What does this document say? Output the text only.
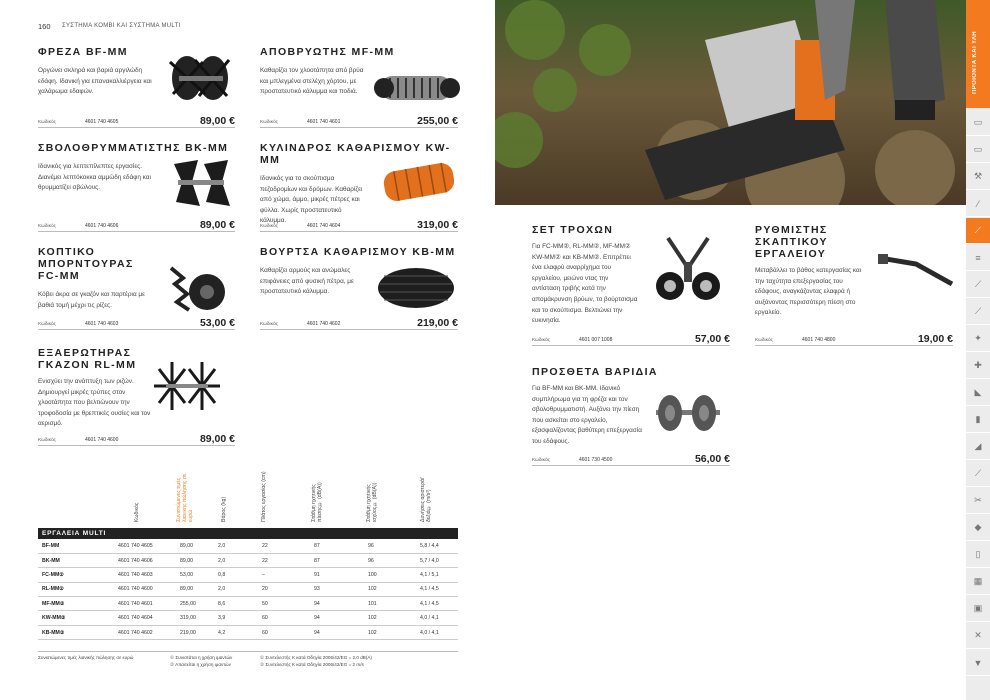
160 ΣΥΣΤΗΜΑ ΚΟΜΒΙ ΚΑΙ ΣΥΣΤΗΜΑ MULTI
ΦΡΕΖΑ BF-MM
Οργώνει σκληρά και βαριά αργιλώδη εδάφη. Ιδανική για επανακαλλιέργεια και χαλάρωμα εδαφών.
Κωδικός	4601 740 4605	89,00 €
ΣΒΟΛΟΘΡΥΜΜΑΤΙΣΤΗΣ BK-MM
Ιδανικός για λεπτεπίλεπτες εργασίες. Διανέμει λεπτόκοκκα αμμώδη εδάφη και θρυμματίζει σβώλους.
Κωδικός	4601 740 4606	89,00 €
ΚΟΠΤΙΚΟ ΜΠΟΡΝΤΟΥΡΑΣ FC-MM
Κόβει άκρα σε γκαζόν και παρτέρια με βαθιά τομή μέχρι τις ρίζες.
Κωδικός	4601 740 4603	53,00 €
ΕΞΑΕΡΩΤΗΡΑΣ ΓΚΑΖΟΝ RL-MM
Ενισχύει την ανάπτυξη των ριζών. Δημιουργεί μικρές τρύπες στον χλοοτάπητα που βελτιώνουν την τροφοδοσία με θρεπτικές ουσίες και τον αερισμό.
Κωδικός	4601 740 4600	89,00 €
ΑΠΟΒΡΥΩΤΗΣ MF-MM
Καθαρίζει τον χλοοτάπητα από βρύα και μπλεγμένα στελέχη χόρτου, με προστατευτικό κάλυμμα και ποδιά.
Κωδικός	4601 740 4601	255,00 €
ΚΥΛΙΝΔΡΟΣ ΚΑΘΑΡΙΣΜΟΥ KW-MM
Ιδανικός για το σκούπισμα πεζοδρομίων και δρόμων. Καθαρίζει από χώμα, άμμο, μικρές πέτρες και φύλλα. Χωρίς προστατευτικό κάλυμμα.
Κωδικός	4601 740 4604	319,00 €
ΒΟΥΡΤΣΑ ΚΑΘΑΡΙΣΜΟΥ KB-MM
Καθαρίζει αρμούς και ανώμαλες επιφάνειες από φυσική πέτρα, με προστατευτικό κάλυμμα.
Κωδικός	4601 740 4602	219,00 €
ΣΕΤ ΤΡΟΧΩΝ
Για FC-MM②, RL-MM②, MF-MM② KW-MM② και KB-MM②. Επιτρέπει ένα ελαφρύ αναρρίχημα του εργαλείου, μειώνο ντας την αντίσταση τριβής κατά την απομάκρυνση βρύων, το βούρτσισμα και το σκούπισμα. Βελτιώνει την ευκινησία.
Κωδικός	4601 007 1008	57,00 €
ΡΥΘΜΙΣΤΗΣ ΣΚΑΠΤΙΚΟΥ ΕΡΓΑΛΕΙΟΥ
Μεταβάλλει το βάθος κατεργασίας και την ταχύτητα επεξεργασίας του εδάφους, αναγκάζοντας ελαφρά ή αυξάνοντας περισσότερη πίεση στο εργαλείο.
Κωδικός	4601 740 4800	19,00 €
ΠΡΟΣΘΕΤΑ ΒΑΡΙΔΙΑ
Για BF-MM και BK-MM. Ιδανικό συμπλήρωμα για τη φρέζα και τον σβολοθρυμματιστή. Αυξάνει την πίεση που ασκείται στο εργαλείο, εξασφαλίζοντας βαθύτερη επεξεργασία του εδάφους.
Κωδικός	4601 730 4500	56,00 €
Κωδικός	Συνιστώμενες τιμές λιανικής πώλησης σε ευρώ	Βάρος (kg)	Πλάτος εργασίας (cm)	Στάθμη ηχητικής πίεσης① (dB(A))	Στάθμη ηχητικής ισχύος① (dB(A))	Δονήσεις αριστερά/δεξιά① (m/s²)
ΕΡΓΑΛΕΙΑ MULTI							
BF-MM	4601 740 4605	89,00	2,0	22	87	96	5,8 / 4,4
BK-MM	4601 740 4606	89,00	2,0	22	87	96	5,7 / 4,0
FC-MM②	4601 740 4603	53,00	0,8	–	91	100	4,1 / 5,1
RL-MM②	4601 740 4600	89,00	2,0	20	93	102	4,1 / 4,5
MF-MM②	4601 740 4601	255,00	8,6	50	94	101	4,1 / 4,5
KW-MM②	4601 740 4604	319,00	3,9	60	94	102	4,0 / 4,1
KB-MM②	4601 740 4602	219,00	4,2	60	94	102	4,0 / 4,1
Συνιστώμενες τιμές λιανικής πώλησης σε ευρώ	① Συνιστάται η χρήση ιμαντών
② Απαιτείται η χρήση ιμαντών
① Συντελεστής K κατά Οδηγία 2006/42/EG = 2,0 dB(A)
② Συντελεστής K κατά Οδηγία 2006/42/EG = 2 m/s
ΠΡΟΙΟΝΤΑ ΚΑΙ ΥΛΗ
▭
▭
⚒
⁄
⟋
≡
⟋
⟋
✦
✚
◣
▮
◢
⟋
✂
◆
▯
▦
▣
✕
▼
